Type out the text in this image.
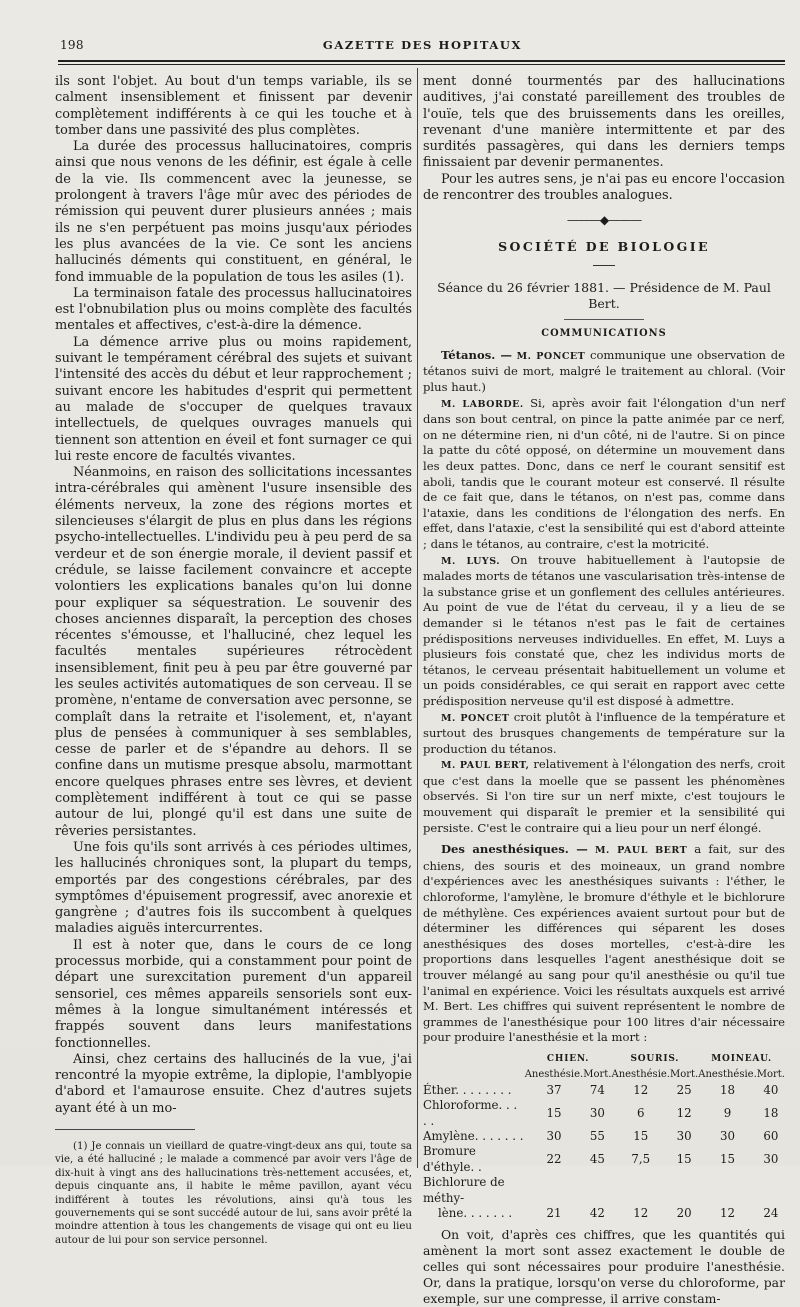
198	GAZETTE DES HOPITAUX

ils sont l'objet. Au bout d'un temps variable, ils se calment insensiblement et finissent par devenir complètement indifférents à ce qui les touche et à tomber dans une passivité des plus complètes.

La durée des processus hallucinatoires, compris ainsi que nous venons de les définir, est égale à celle de la vie. Ils commencent avec la jeunesse, se prolongent à travers l'âge mûr avec des périodes de rémission qui peuvent durer plusieurs années ; mais ils ne s'en perpétuent pas moins jusqu'aux périodes les plus avancées de la vie. Ce sont les anciens hallucinés déments qui constituent, en général, le fond immuable de la population de tous les asiles (1).

La terminaison fatale des processus hallucinatoires est l'obnubilation plus ou moins complète des facultés mentales et affectives, c'est-à-dire la démence.

La démence arrive plus ou moins rapidement, suivant le tempérament cérébral des sujets et suivant l'intensité des accès du début et leur rapprochement ; suivant encore les habitudes d'esprit qui permettent au malade de s'occuper de quelques travaux intellectuels, de quelques ouvrages manuels qui tiennent son attention en éveil et font surnager ce qui lui reste encore de facultés vivantes.

Néanmoins, en raison des sollicitations incessantes intra-cérébrales qui amènent l'usure insensible des éléments nerveux, la zone des régions mortes et silencieuses s'élargit de plus en plus dans les régions psycho-intellectuelles. L'individu peu à peu perd de sa verdeur et de son énergie morale, il devient passif et crédule, se laisse facilement convaincre et accepte volontiers les explications banales qu'on lui donne pour expliquer sa séquestration. Le souvenir des choses anciennes disparaît, la perception des choses récentes s'émousse, et l'halluciné, chez lequel les facultés mentales supérieures rétrocèdent insensiblement, finit peu à peu par être gouverné par les seules activités automatiques de son cerveau. Il se promène, n'entame de conversation avec personne, se complaît dans la retraite et l'isolement, et, n'ayant plus de pensées à communiquer à ses semblables, cesse de parler et de s'épandre au dehors. Il se confine dans un mutisme presque absolu, marmottant encore quelques phrases entre ses lèvres, et devient complètement indifférent à tout ce qui se passe autour de lui, plongé qu'il est dans une suite de rêveries persistantes.

Une fois qu'ils sont arrivés à ces périodes ultimes, les hallucinés chroniques sont, la plupart du temps, emportés par des congestions cérébrales, par des symptômes d'épuisement progressif, avec anorexie et gangrène ; d'autres fois ils succombent à quelques maladies aiguës intercurrentes.

Il est à noter que, dans le cours de ce long processus morbide, qui a constamment pour point de départ une surexcitation purement d'un appareil sensoriel, ces mêmes appareils sensoriels sont eux-mêmes à la longue simultanément intéressés et frappés souvent dans leurs manifestations fonctionnelles.

Ainsi, chez certains des hallucinés de la vue, j'ai rencontré la myopie extrême, la diplopie, l'amblyopie d'abord et l'amaurose ensuite. Chez d'autres sujets ayant été à un mo-

(1) Je connais un vieillard de quatre-vingt-deux ans qui, toute sa vie, a été halluciné ; le malade a commencé par avoir vers l'âge de dix-huit à vingt ans des hallucinations très-nettement accusées, et, depuis cinquante ans, il habite le même pavillon, ayant vécu indifférent à toutes les révolutions, ainsi qu'à tous les gouvernements qui se sont succédé autour de lui, sans avoir prêté la moindre attention à tous les changements de visage qui ont eu lieu autour de lui pour son service personnel.

ment donné tourmentés par des hallucinations auditives, j'ai constaté pareillement des troubles de l'ouïe, tels que des bruissements dans les oreilles, revenant d'une manière intermittente et par des surdités passagères, qui dans les derniers temps finissaient par devenir permanentes.

Pour les autres sens, je n'ai pas eu encore l'occasion de rencontrer des troubles analogues.

———◆———
SOCIÉTÉ DE BIOLOGIE
Séance du 26 février 1881. — Présidence de M. Paul Bert.
COMMUNICATIONS

Tétanos. — M. PONCET communique une observation de tétanos suivi de mort, malgré le traitement au chloral. (Voir plus haut.)

M. LABORDE. Si, après avoir fait l'élongation d'un nerf dans son bout central, on pince la patte animée par ce nerf, on ne détermine rien, ni d'un côté, ni de l'autre. Si on pince la patte du côté opposé, on détermine un mouvement dans les deux pattes. Donc, dans ce nerf le courant sensitif est aboli, tandis que le courant moteur est conservé. Il résulte de ce fait que, dans le tétanos, on n'est pas, comme dans l'ataxie, dans les conditions de l'élongation des nerfs. En effet, dans l'ataxie, c'est la sensibilité qui est d'abord atteinte ; dans le tétanos, au contraire, c'est la motricité.

M. LUYS. On trouve habituellement à l'autopsie de malades morts de tétanos une vascularisation très-intense de la substance grise et un gonflement des cellules antérieures. Au point de vue de l'état du cerveau, il y a lieu de se demander si le tétanos n'est pas le fait de certaines prédispositions nerveuses individuelles. En effet, M. Luys a plusieurs fois constaté que, chez les individus morts de tétanos, le cerveau présentait habituellement un volume et un poids considérables, ce qui serait en rapport avec cette prédisposition nerveuse qu'il est disposé à admettre.

M. PONCET croit plutôt à l'influence de la température et surtout des brusques changements de température sur la production du tétanos.

M. PAUL BERT, relativement à l'élongation des nerfs, croit que c'est dans la moelle que se passent les phénomènes observés. Si l'on tire sur un nerf mixte, c'est toujours le mouvement qui disparaît le premier et la sensibilité qui persiste. C'est le contraire qui a lieu pour un nerf élongé.

Des anesthésiques. — M. PAUL BERT a fait, sur des chiens, des souris et des moineaux, un grand nombre d'expériences avec les anesthésiques suivants : l'éther, le chloroforme, l'amylène, le bromure d'éthyle et le bichlorure de méthylène. Ces expériences avaient surtout pour but de déterminer les différences qui séparent les doses anesthésiques des doses mortelles, c'est-à-dire les proportions dans lesquelles l'agent anesthésique doit se trouver mélangé au sang pour qu'il anesthésie ou qu'il tue l'animal en expérience. Voici les résultats auxquels est arrivé M. Bert. Les chiffres qui suivent représentent le nombre de grammes de l'anesthésique pour 100 litres d'air nécessaire pour produire l'anesthésie et la mort :

	CHIEN.		SOURIS.		MOINEAU.	
	Anesthésie.	Mort.	Anesthésie.	Mort.	Anesthésie.	Mort.
Éther. . . . . . . .	37	74	12	25	18	40
Chloroforme. . . . .	15	30	6	12	9	18
Amylène. . . . . . .	30	55	15	30	30	60
Bromure d'éthyle. .	22	45	7,5	15	15	30
Bichlorure de méthy-						
lène. . . . . . .	21	42	12	20	12	24

On voit, d'après ces chiffres, que les quantités qui amènent la mort sont assez exactement le double de celles qui sont nécessaires pour produire l'anesthésie. Or, dans la pratique, lorsqu'on verse du chloroforme, par exemple, sur une compresse, il arrive constam-
